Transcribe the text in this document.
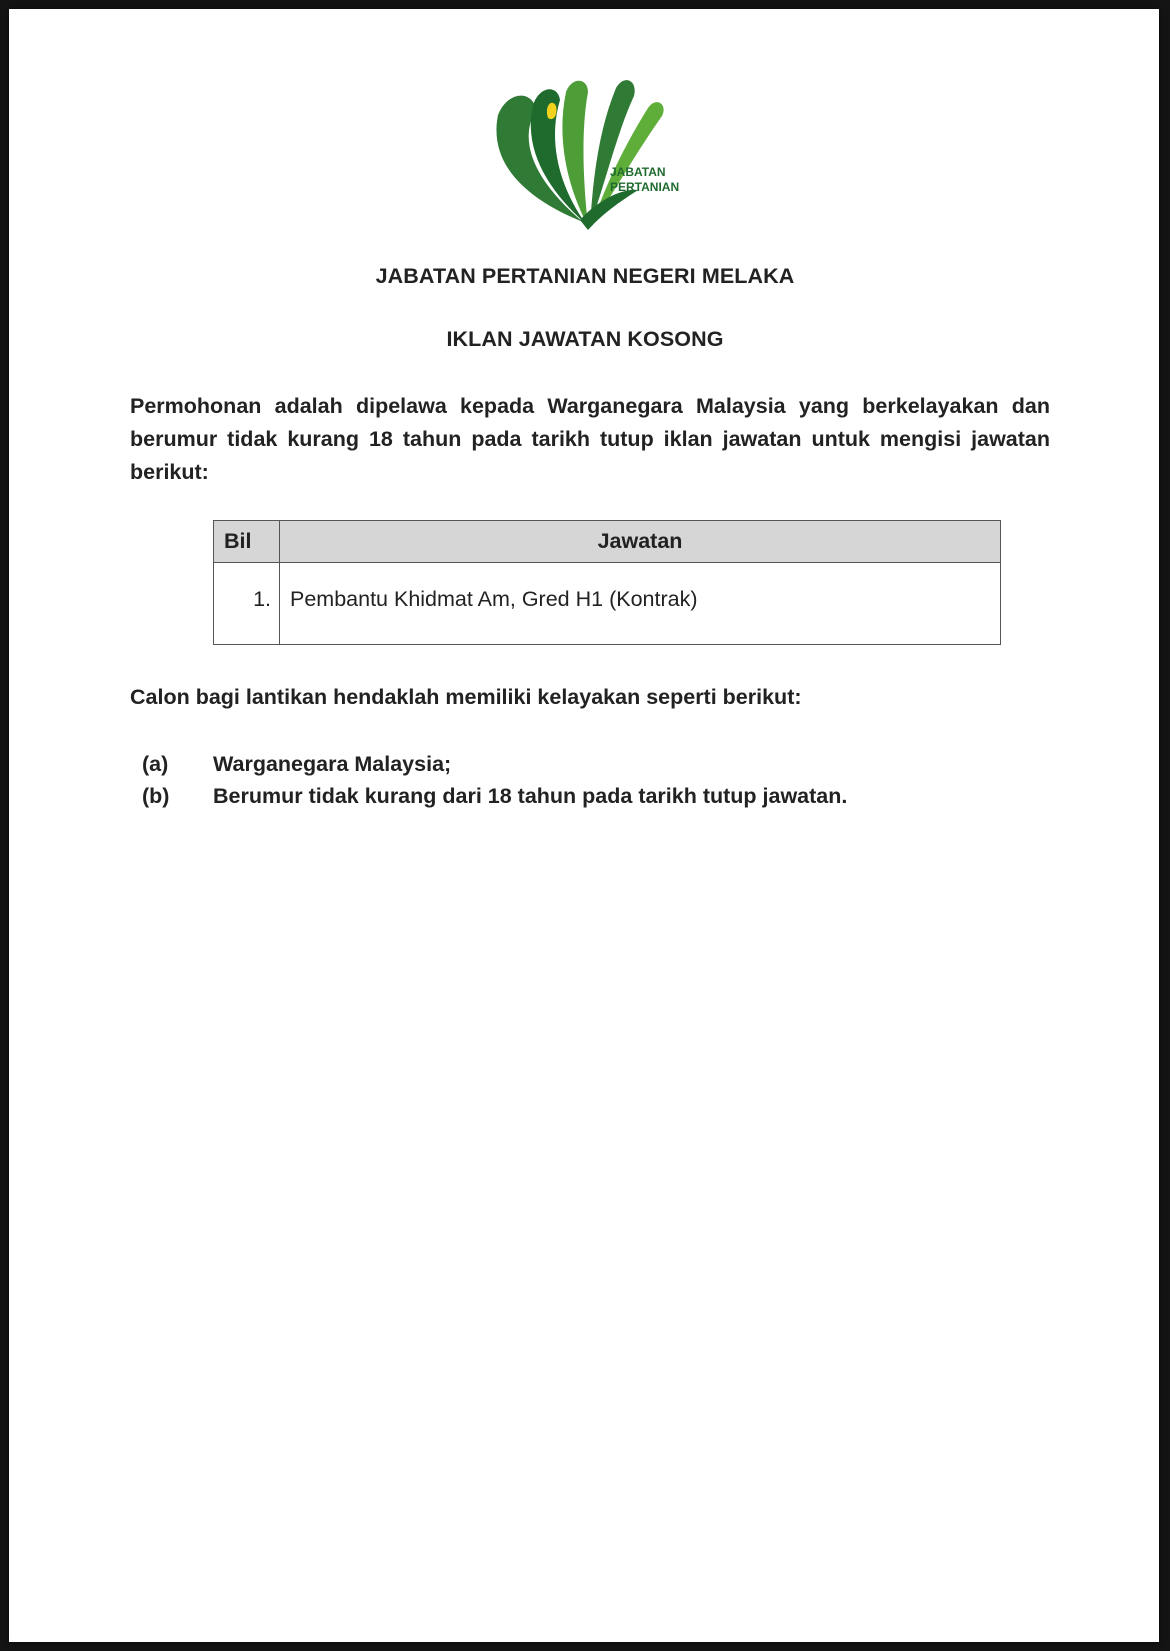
JABATAN
PERTANIAN
JABATAN PERTANIAN NEGERI MELAKA
IKLAN JAWATAN KOSONG

Permohonan adalah dipelawa kepada Warganegara Malaysia yang berkelayakan dan berumur tidak kurang 18 tahun pada tarikh tutup iklan jawatan untuk mengisi jawatan berikut:

Bil	Jawatan
1.	Pembantu Khidmat Am, Gred H1 (Kontrak)

Calon bagi lantikan hendaklah memiliki kelayakan seperti berikut:

(a) Warganegara Malaysia;
(b) Berumur tidak kurang dari 18 tahun pada tarikh tutup jawatan.
